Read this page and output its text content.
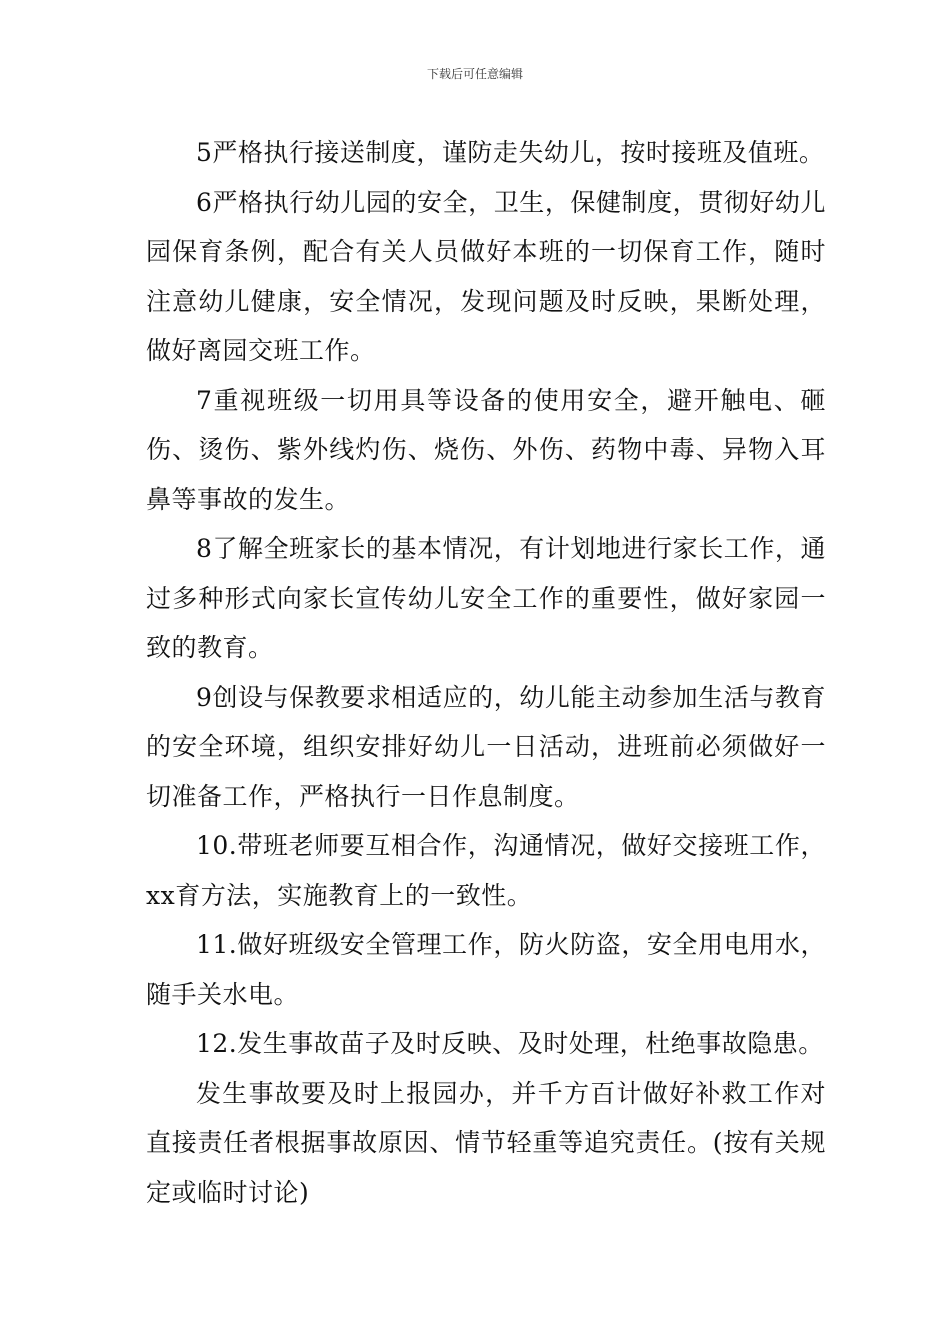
下载后可任意编辑

5严格执行接送制度，谨防走失幼儿，按时接班及值班。

6严格执行幼儿园的安全，卫生，保健制度，贯彻好幼儿园保育条例，配合有关人员做好本班的一切保育工作，随时注意幼儿健康，安全情况，发现问题及时反映，果断处理，做好离园交班工作。

7重视班级一切用具等设备的使用安全，避开触电、砸伤、烫伤、紫外线灼伤、烧伤、外伤、药物中毒、异物入耳鼻等事故的发生。

8了解全班家长的基本情况，有计划地进行家长工作，通过多种形式向家长宣传幼儿安全工作的重要性，做好家园一致的教育。

9创设与保教要求相适应的，幼儿能主动参加生活与教育的安全环境，组织安排好幼儿一日活动，进班前必须做好一切准备工作，严格执行一日作息制度。

10.带班老师要互相合作，沟通情况，做好交接班工作，xx育方法，实施教育上的一致性。

11.做好班级安全管理工作，防火防盗，安全用电用水，随手关水电。

12.发生事故苗子及时反映、及时处理，杜绝事故隐患。

发生事故要及时上报园办，并千方百计做好补救工作对直接责任者根据事故原因、情节轻重等追究责任。(按有关规定或临时讨论)
